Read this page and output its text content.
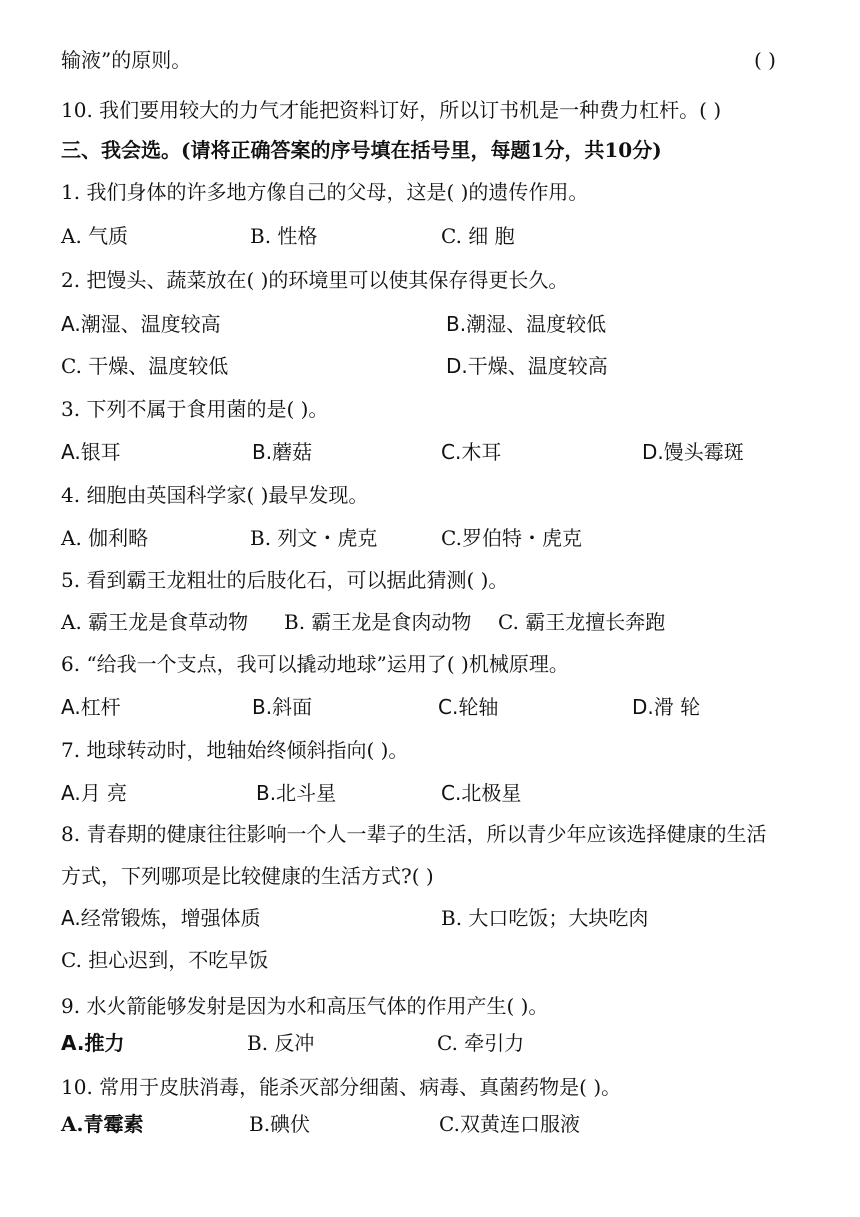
输液”的原则。	( )
10. 我们要用较大的力气才能把资料订好，所以订书机是一种费力杠杆。( )
三、我会选。(请将正确答案的序号填在括号里，每题1分，共10分)
1. 我们身体的许多地方像自己的父母，这是( )的遗传作用。
A. 气质	B. 性格	C. 细 胞
2. 把馒头、蔬菜放在( )的环境里可以使其保存得更长久。
A.潮湿、温度较高	B.潮湿、温度较低
C. 干燥、温度较低	D.干燥、温度较高
3. 下列不属于食用菌的是( )。
A.银耳	B.蘑菇	C.木耳	D.馒头霉斑
4. 细胞由英国科学家( )最早发现。
A. 伽利略	B. 列文・虎克	C.罗伯特・虎克
5. 看到霸王龙粗壮的后肢化石，可以据此猜测( )。
A. 霸王龙是食草动物 B. 霸王龙是食肉动物 C. 霸王龙擅长奔跑
6. “给我一个支点，我可以撬动地球”运用了( )机械原理。
A.杠杆	B.斜面	C.轮轴	D.滑 轮
7. 地球转动时，地轴始终倾斜指向( )。
A.月 亮	B.北斗星	C.北极星
8. 青春期的健康往往影响一个人一辈子的生活，所以青少年应该选择健康的生活
方式，下列哪项是比较健康的生活方式?( )
A.经常锻炼，增强体质	B. 大口吃饭；大块吃肉
C. 担心迟到，不吃早饭
9. 水火箭能够发射是因为水和高压气体的作用产生( )。
A.推力	B. 反冲	C. 牵引力
10. 常用于皮肤消毒，能杀灭部分细菌、病毒、真菌药物是( )。
A.青霉素	B.碘伏	C.双黄连口服液
